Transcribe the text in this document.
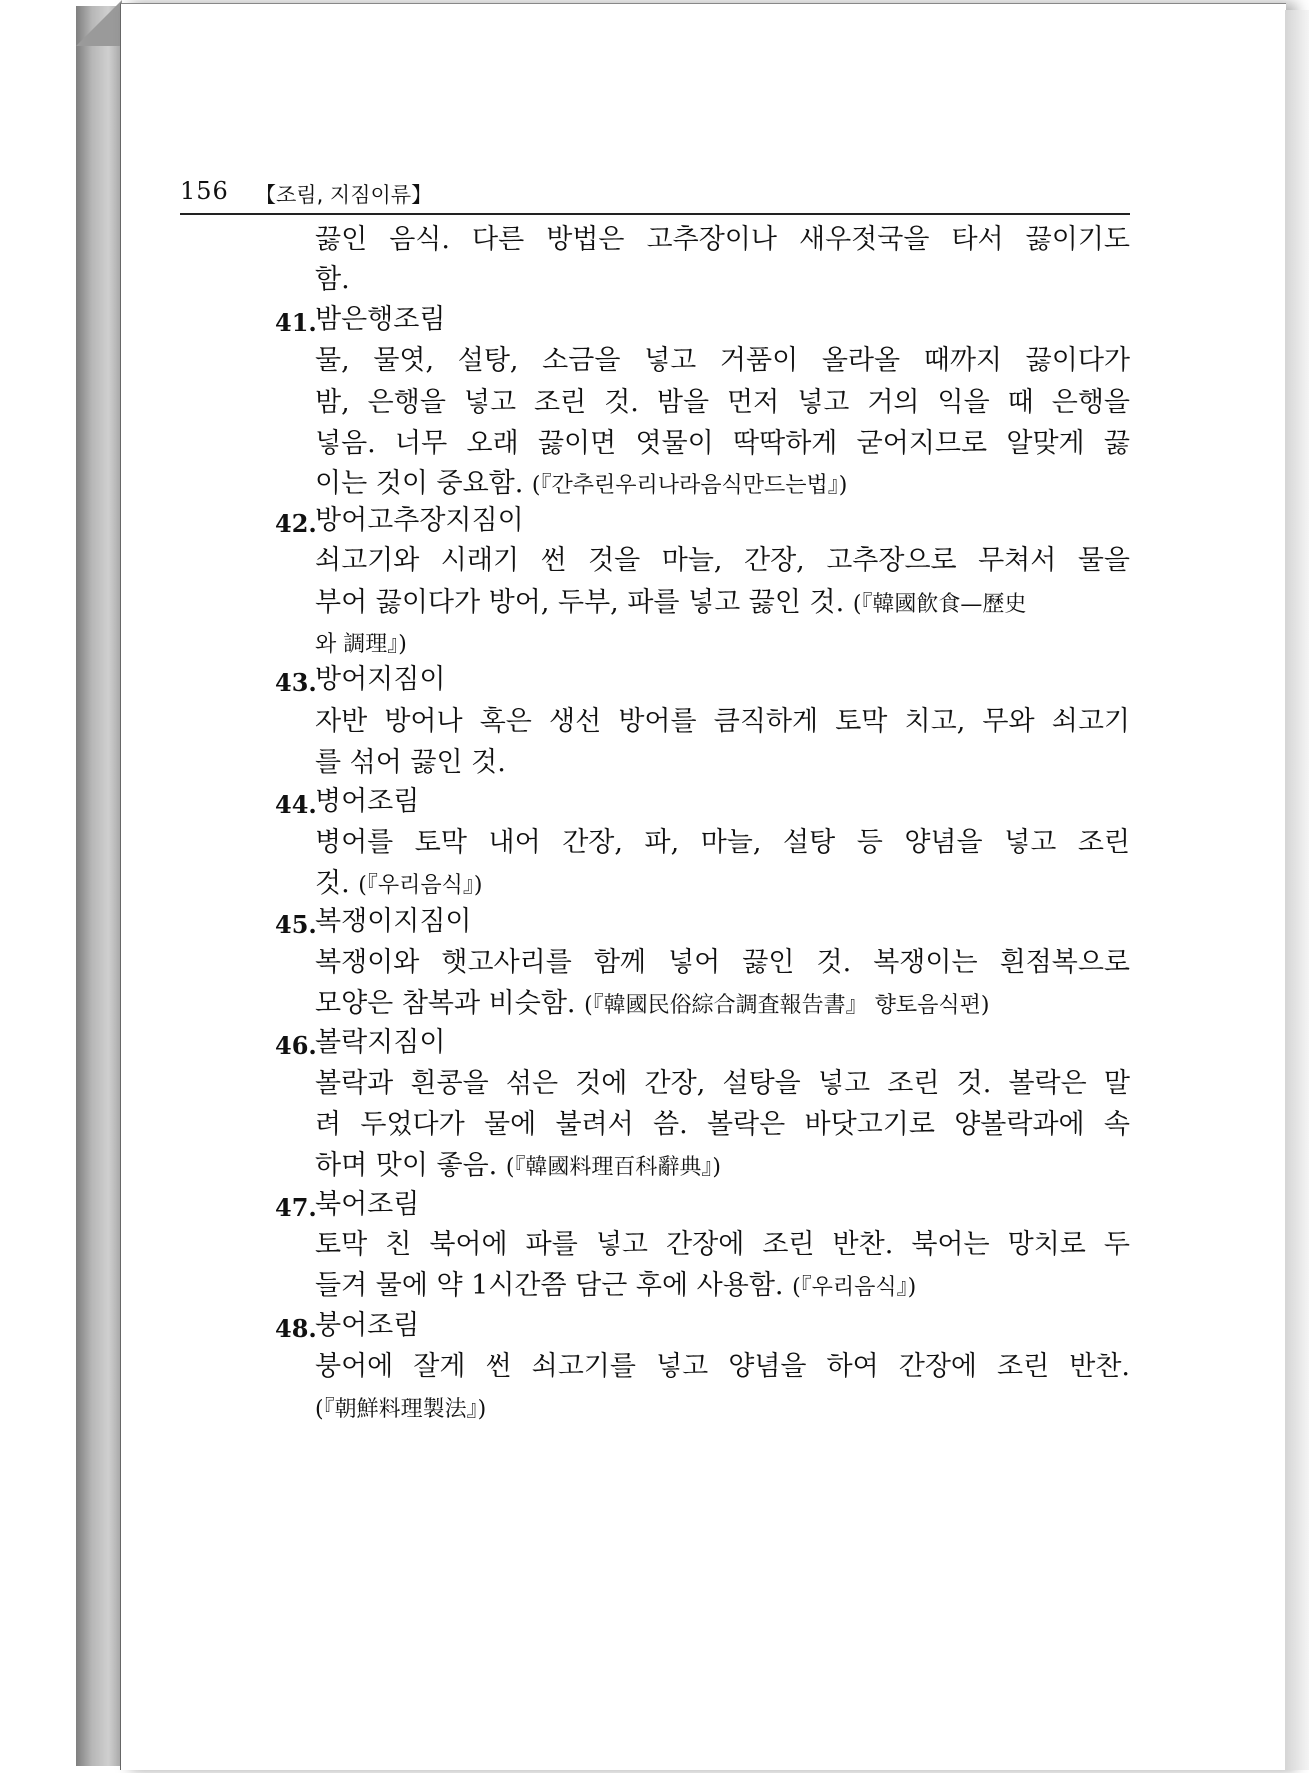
156 【조림, 지짐이류】
끓인 음식. 다른 방법은 고추장이나 새우젓국을 타서 끓이기도
함.
41.
밤은행조림
물, 물엿, 설탕, 소금을 넣고 거품이 올라올 때까지 끓이다가
밤, 은행을 넣고 조린 것. 밤을 먼저 넣고 거의 익을 때 은행을
넣음. 너무 오래 끓이면 엿물이 딱딱하게 굳어지므로 알맞게 끓
이는 것이 중요함. (『간추린우리나라음식만드는법』)
42.
방어고추장지짐이
쇠고기와 시래기 썬 것을 마늘, 간장, 고추장으로 무쳐서 물을
부어 끓이다가 방어, 두부, 파를 넣고 끓인 것. (『韓國飮食—歷史
와 調理』)
43.
방어지짐이
자반 방어나 혹은 생선 방어를 큼직하게 토막 치고, 무와 쇠고기
를 섞어 끓인 것.
44.
병어조림
병어를 토막 내어 간장, 파, 마늘, 설탕 등 양념을 넣고 조린
것. (『우리음식』)
45.
복쟁이지짐이
복쟁이와 햇고사리를 함께 넣어 끓인 것. 복쟁이는 흰점복으로
모양은 참복과 비슷함. (『韓國民俗綜合調査報告書』 향토음식편)
46.
볼락지짐이
볼락과 흰콩을 섞은 것에 간장, 설탕을 넣고 조린 것. 볼락은 말
려 두었다가 물에 불려서 씀. 볼락은 바닷고기로 양볼락과에 속
하며 맛이 좋음. (『韓國料理百科辭典』)
47.
북어조림
토막 친 북어에 파를 넣고 간장에 조린 반찬. 북어는 망치로 두
들겨 물에 약 1시간쯤 담근 후에 사용함. (『우리음식』)
48.
붕어조림
붕어에 잘게 썬 쇠고기를 넣고 양념을 하여 간장에 조린 반찬.
(『朝鮮料理製法』)
